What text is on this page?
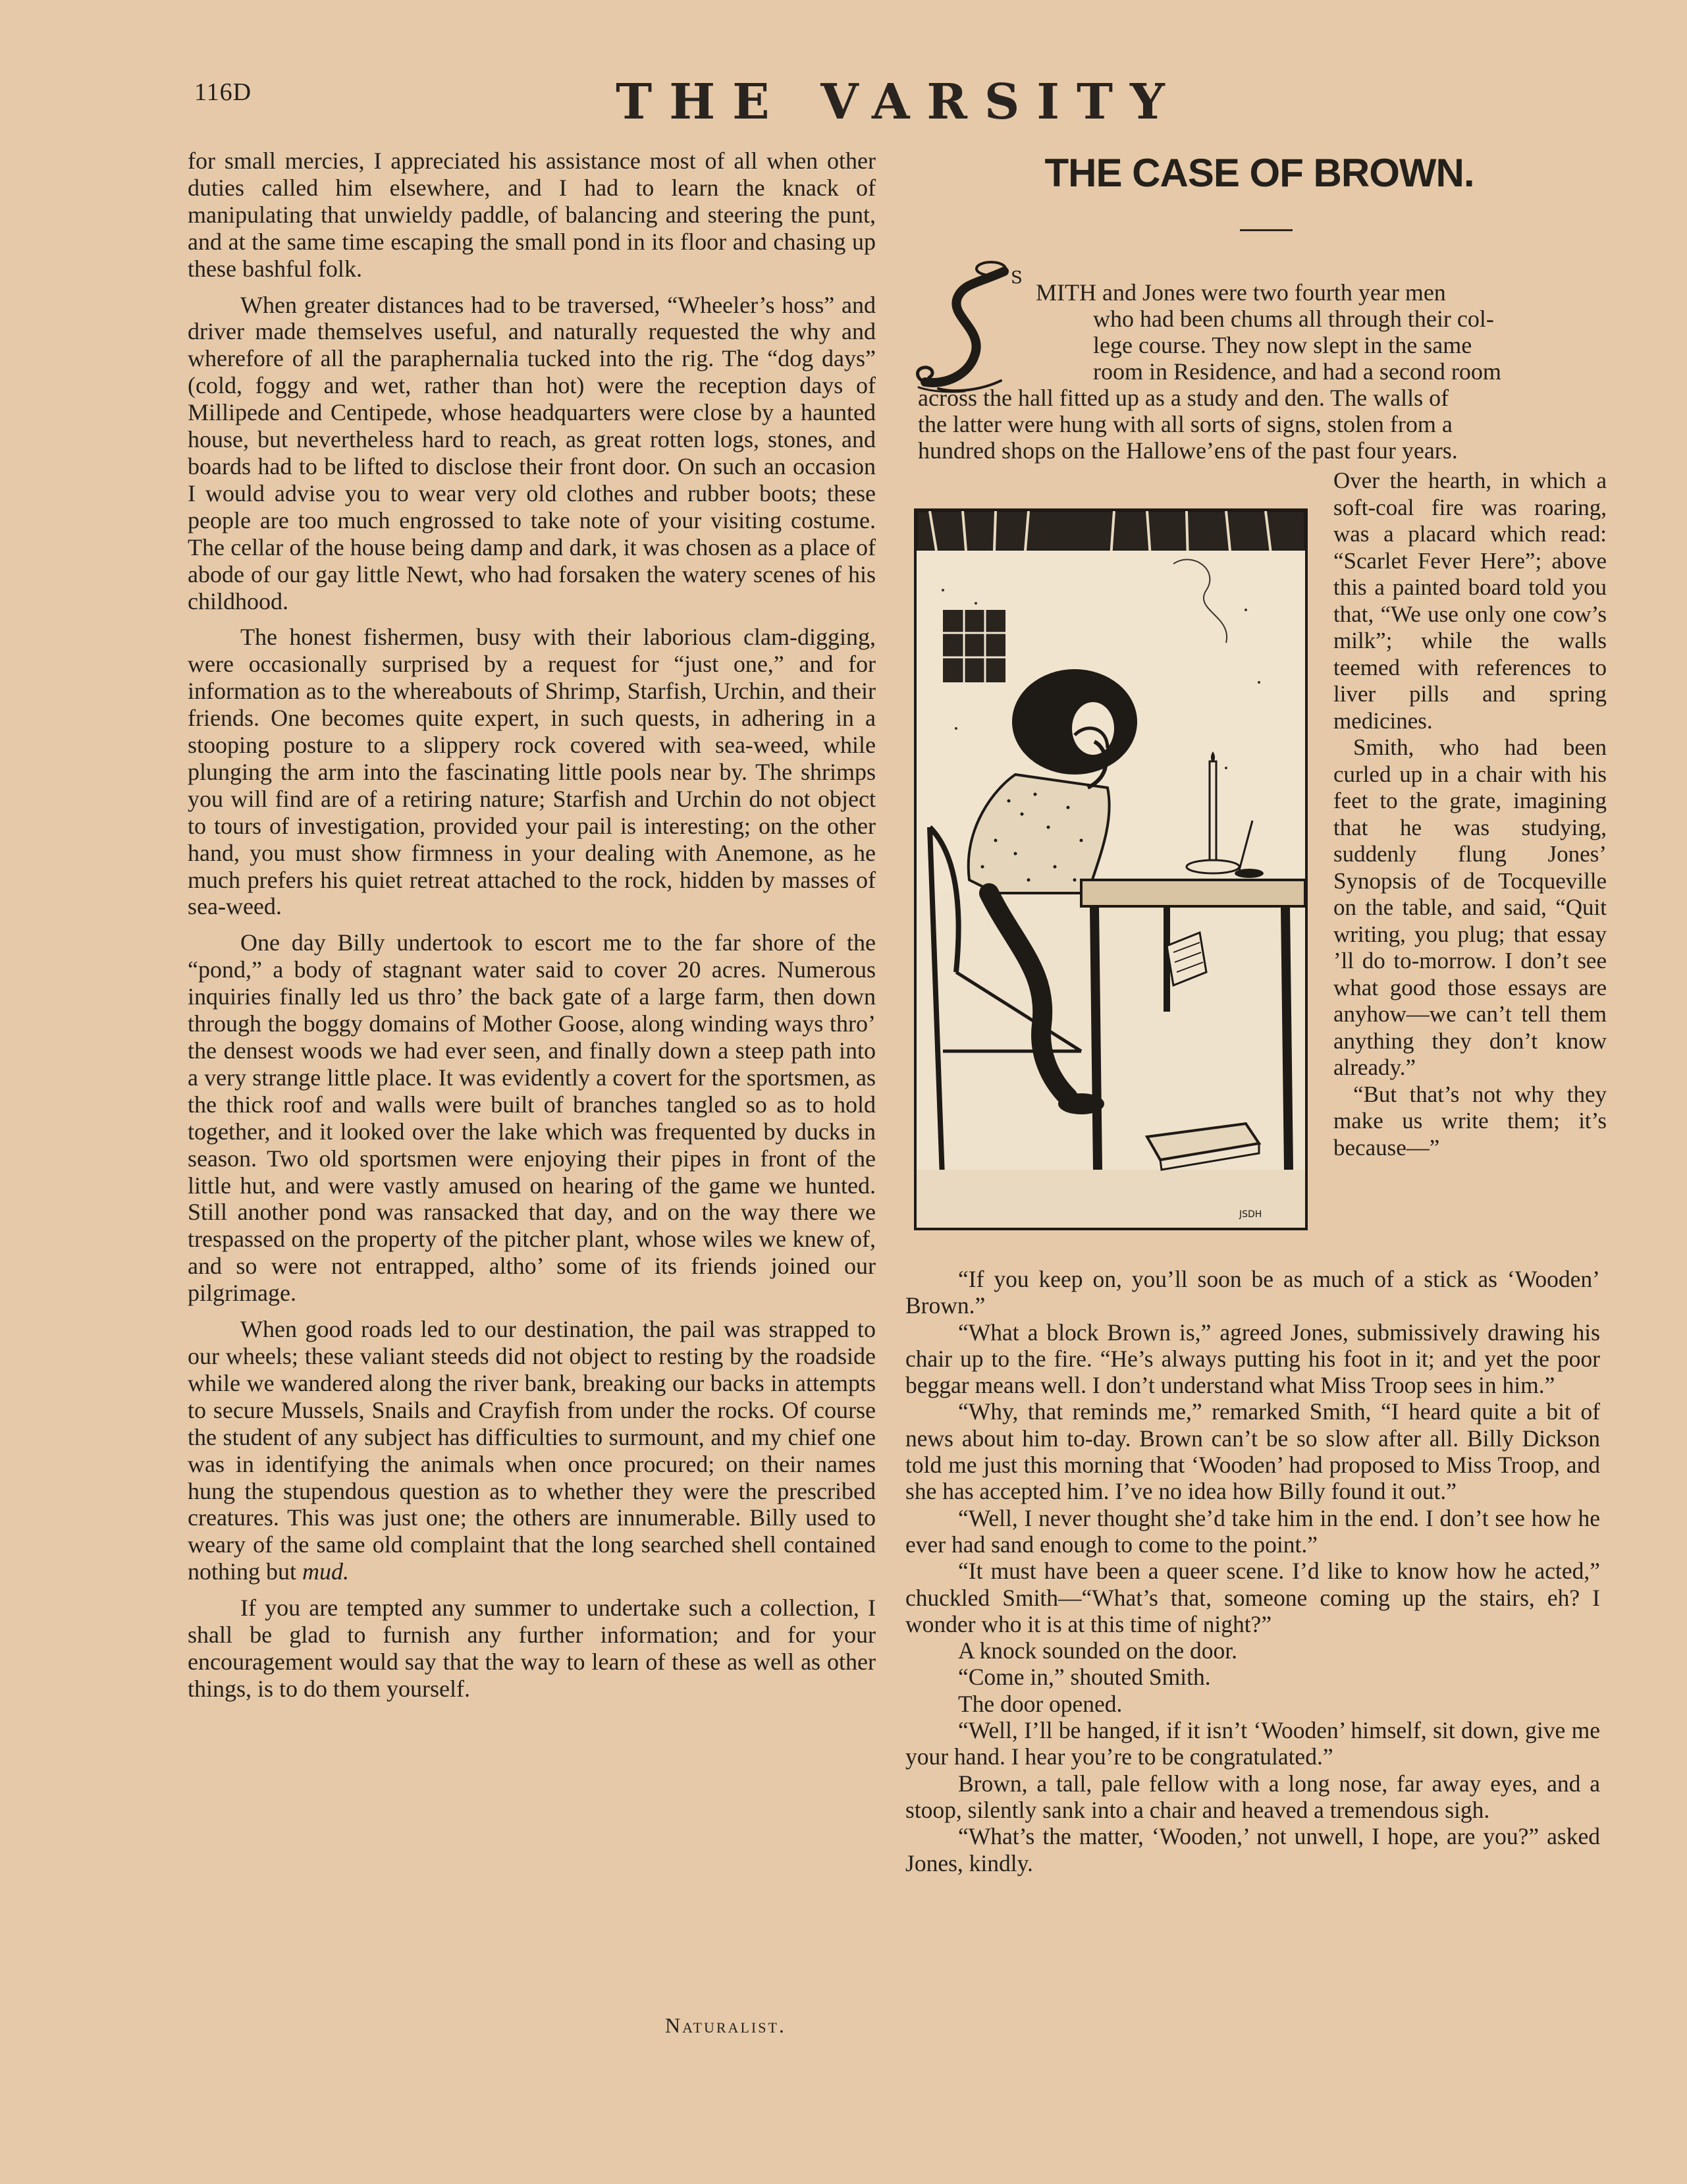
116D	THE VARSITY

for small mercies, I appreciated his assistance most of all when other duties called him elsewhere, and I had to learn the knack of manipulating that unwieldy paddle, of balancing and steering the punt, and at the same time escaping the small pond in its floor and chasing up these bashful folk.

When greater distances had to be traversed, “Wheeler’s hoss” and driver made themselves useful, and naturally requested the why and wherefore of all the paraphernalia tucked into the rig. The “dog days” (cold, foggy and wet, rather than hot) were the reception days of Millipede and Centipede, whose headquarters were close by a haunted house, but nevertheless hard to reach, as great rotten logs, stones, and boards had to be lifted to disclose their front door. On such an occasion I would advise you to wear very old clothes and rubber boots; these people are too much engrossed to take note of your visiting costume. The cellar of the house being damp and dark, it was chosen as a place of abode of our gay little Newt, who had forsaken the watery scenes of his childhood.

The honest fishermen, busy with their laborious clam-digging, were occasionally surprised by a request for “just one,” and for information as to the whereabouts of Shrimp, Starfish, Urchin, and their friends. One becomes quite expert, in such quests, in adhering in a stooping posture to a slippery rock covered with sea-weed, while plunging the arm into the fascinating little pools near by. The shrimps you will find are of a retiring nature; Starfish and Urchin do not object to tours of investigation, provided your pail is interesting; on the other hand, you must show firmness in your dealing with Anemone, as he much prefers his quiet retreat attached to the rock, hidden by masses of sea-weed.

One day Billy undertook to escort me to the far shore of the “pond,” a body of stagnant water said to cover 20 acres. Numerous inquiries finally led us thro’ the back gate of a large farm, then down through the boggy domains of Mother Goose, along winding ways thro’ the densest woods we had ever seen, and finally down a steep path into a very strange little place. It was evidently a covert for the sportsmen, as the thick roof and walls were built of branches tangled so as to hold together, and it looked over the lake which was frequented by ducks in season. Two old sportsmen were enjoying their pipes in front of the little hut, and were vastly amused on hearing of the game we hunted. Still another pond was ransacked that day, and on the way there we trespassed on the property of the pitcher plant, whose wiles we knew of, and so were not entrapped, altho’ some of its friends joined our pilgrimage.

When good roads led to our destination, the pail was strapped to our wheels; these valiant steeds did not object to resting by the roadside while we wandered along the river bank, breaking our backs in attempts to secure Mussels, Snails and Crayfish from under the rocks. Of course the student of any subject has difficulties to surmount, and my chief one was in identifying the animals when once procured; on their names hung the stupendous question as to whether they were the prescribed creatures. This was just one; the others are innumerable. Billy used to weary of the same old complaint that the long searched shell contained nothing but mud.

If you are tempted any summer to undertake such a collection, I shall be glad to furnish any further information; and for your encouragement would say that the way to learn of these as well as other things, is to do them yourself.

Naturalist.
THE CASE OF BROWN.
S
MITH and Jones were two fourth year men
who had been chums all through their col-
lege course. They now slept in the same
room in Residence, and had a second room
across the hall fitted up as a study and den. The walls of
the latter were hung with all sorts of signs, stolen from a
hundred shops on the Hallowe’ens of the past four years.
JSDH

Over the hearth, in which a soft-coal fire was roaring, was a placard which read: “Scarlet Fever Here”; above this a painted board told you that, “We use only one cow’s milk”; while the walls teemed with references to liver pills and spring medicines.

Smith, who had been curled up in a chair with his feet to the grate, imagining that he was studying, suddenly flung Jones’ Synopsis of de Tocqueville on the table, and said, “Quit writing, you plug; that essay ’ll do to-morrow. I don’t see what good those essays are anyhow—we can’t tell them anything they don’t know already.”

“But that’s not why they make us write them; it’s because—”

“If you keep on, you’ll soon be as much of a stick as ‘Wooden’ Brown.”

“What a block Brown is,” agreed Jones, submissively drawing his chair up to the fire. “He’s always putting his foot in it; and yet the poor beggar means well. I don’t understand what Miss Troop sees in him.”

“Why, that reminds me,” remarked Smith, “I heard quite a bit of news about him to-day. Brown can’t be so slow after all. Billy Dickson told me just this morning that ‘Wooden’ had proposed to Miss Troop, and she has accepted him. I’ve no idea how Billy found it out.”

“Well, I never thought she’d take him in the end. I don’t see how he ever had sand enough to come to the point.”

“It must have been a queer scene. I’d like to know how he acted,” chuckled Smith—“What’s that, someone coming up the stairs, eh? I wonder who it is at this time of night?”

A knock sounded on the door.

“Come in,” shouted Smith.

The door opened.

“Well, I’ll be hanged, if it isn’t ‘Wooden’ himself, sit down, give me your hand. I hear you’re to be congratulated.”

Brown, a tall, pale fellow with a long nose, far away eyes, and a stoop, silently sank into a chair and heaved a tremendous sigh.

“What’s the matter, ‘Wooden,’ not unwell, I hope, are you?” asked Jones, kindly.
